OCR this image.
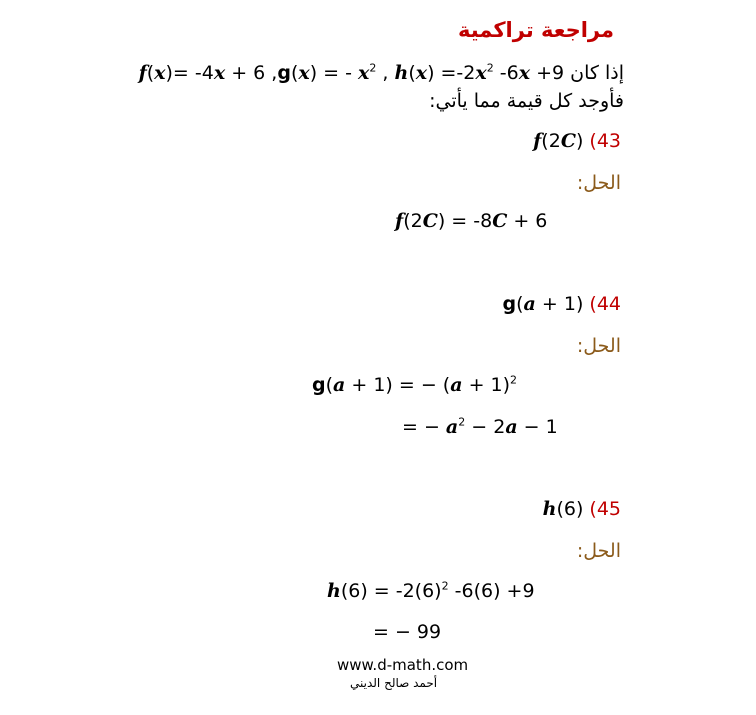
مراجعة تراكمية
f(x)= -4x + 6 ,g(x) = - $x^2$ , $h(x) =-2x^2$ -6x +9 إذا كان
فأوجد كل قيمة مما يأتي:
f(2C) (43
الحل:
f(2C) = -8C + 6
g(a + 1) (44
الحل:
g(a + 1) = − $(a + 1)^2$
= − $a^2 - 2a - 1$
h(6) (45
الحل:
$h(6) = -2(6)^2$ -6(6) +9
= − 99
www.d-math.com
أحمد صالح الديني
